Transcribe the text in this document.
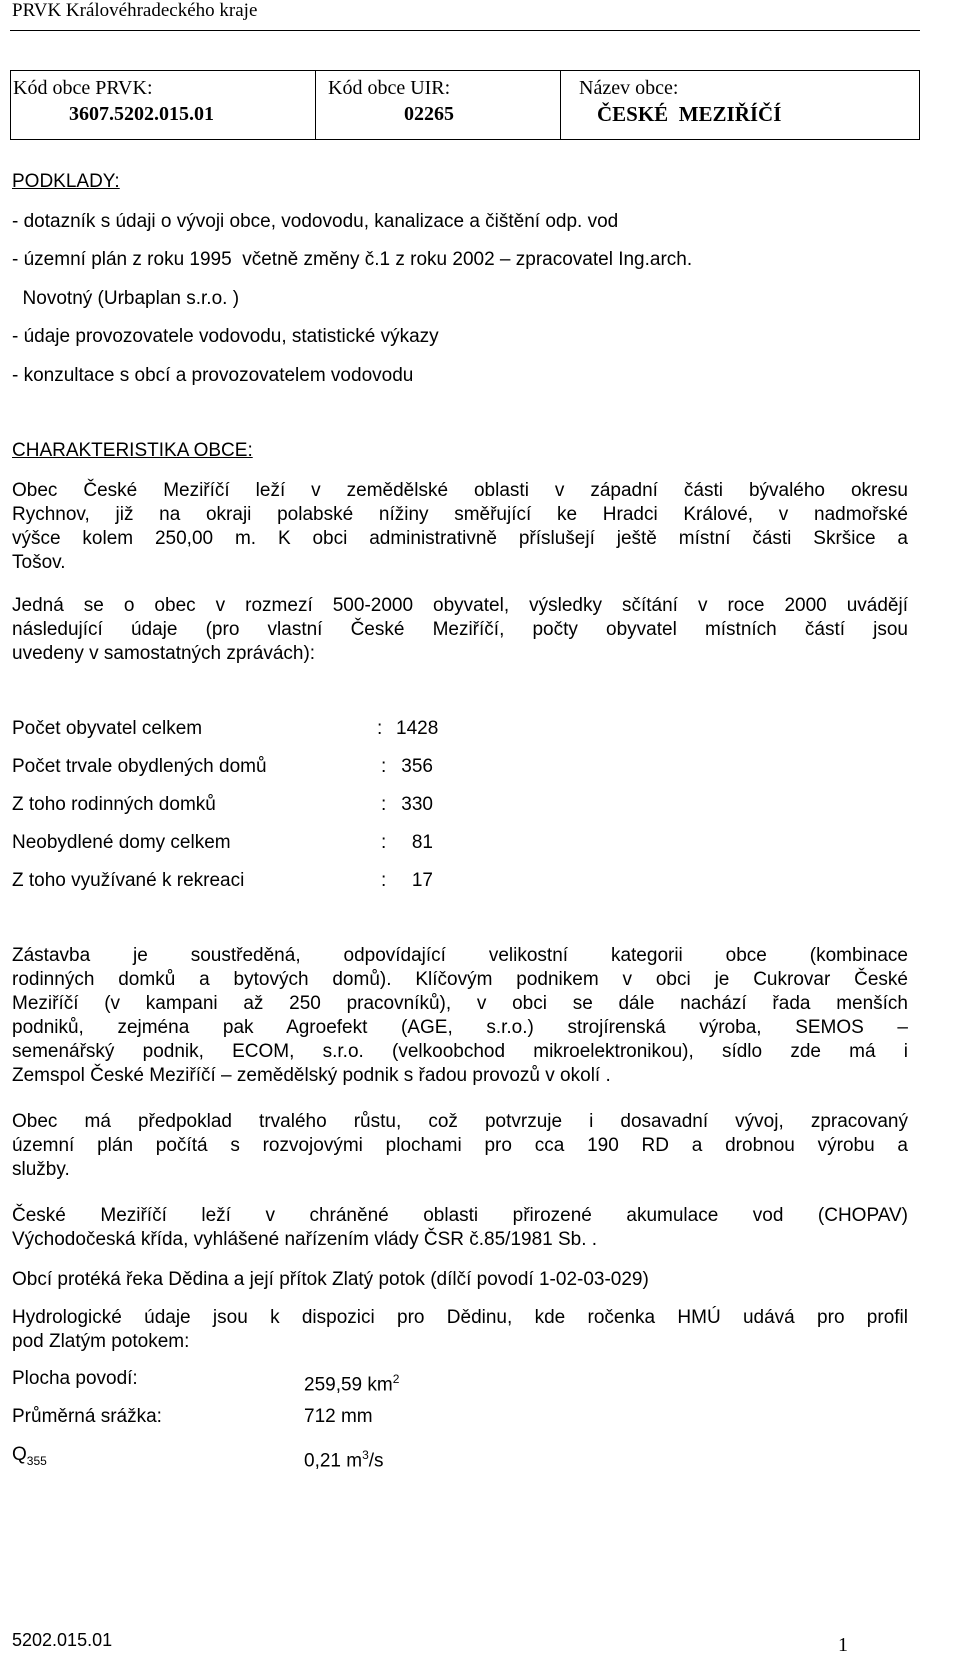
PRVK Královéhradeckého kraje
Kód obce PRVK:
3607.5202.015.01

Kód obce UIR:
02265

Název obce:
ČESKÉ  MEZIŘÍČÍ
PODKLADY:
- dotazník s údaji o vývoji obce, vodovodu, kanalizace a čištění odp. vod
- územní plán z roku 1995  včetně změny č.1 z roku 2002 – zpracovatel Ing.arch.
Novotný (Urbaplan s.r.o. )
- údaje provozovatele vodovodu, statistické výkazy
- konzultace s obcí a provozovatelem vodovodu
CHARAKTERISTIKA OBCE:
Obec České Meziříčí leží v zemědělské oblasti v západní části bývalého okresu
Rychnov, již na okraji polabské nížiny směřující ke Hradci Králové, v nadmořské
výšce kolem 250,00 m. K obci administrativně příslušejí ještě místní části Skršice a
Tošov.
Jedná se o obec v rozmezí 500-2000 obyvatel, výsledky sčítání v roce 2000 uvádějí
následující údaje (pro vlastní České Meziříčí, počty obyvatel místních částí jsou
uvedeny v samostatných zprávách):
Počet obyvatel celkem	: 1428
Počet trvale obydlených domů	: 356
Z toho rodinných domků	: 330
Neobydlené domy celkem	: 81
Z toho využívané k rekreaci	: 17
Zástavba je soustředěná, odpovídající velikostní kategorii obce (kombinace
rodinných domků a bytových domů). Klíčovým podnikem v obci je Cukrovar České
Meziříčí (v kampani až 250 pracovníků), v obci se dále nachází řada menších
podniků, zejména pak Agroefekt (AGE, s.r.o.) strojírenská výroba, SEMOS –
semenářský podnik, ECOM, s.r.o. (velkoobchod mikroelektronikou), sídlo zde má i
Zemspol České Meziříčí – zemědělský podnik s řadou provozů v okolí .
Obec má předpoklad trvalého růstu, což potvrzuje i dosavadní vývoj, zpracovaný
územní plán počítá s rozvojovými plochami pro cca 190 RD a drobnou výrobu a
služby.
České Meziříčí leží v chráněné oblasti přirozené akumulace vod (CHOPAV)
Východočeská křída, vyhlášené nařízením vlády ČSR č.85/1981 Sb. .
Obcí protéká řeka Dědina a její přítok Zlatý potok (dílčí povodí 1-02-03-029)
Hydrologické údaje jsou k dispozici pro Dědinu, kde ročenka HMÚ udává pro profil
pod Zlatým potokem:
Plocha povodí:	259,59 $km^2$
Průměrná srážka:	712 mm
$Q_{355}$	0,21 $m^3/s$
5202.015.01	1
